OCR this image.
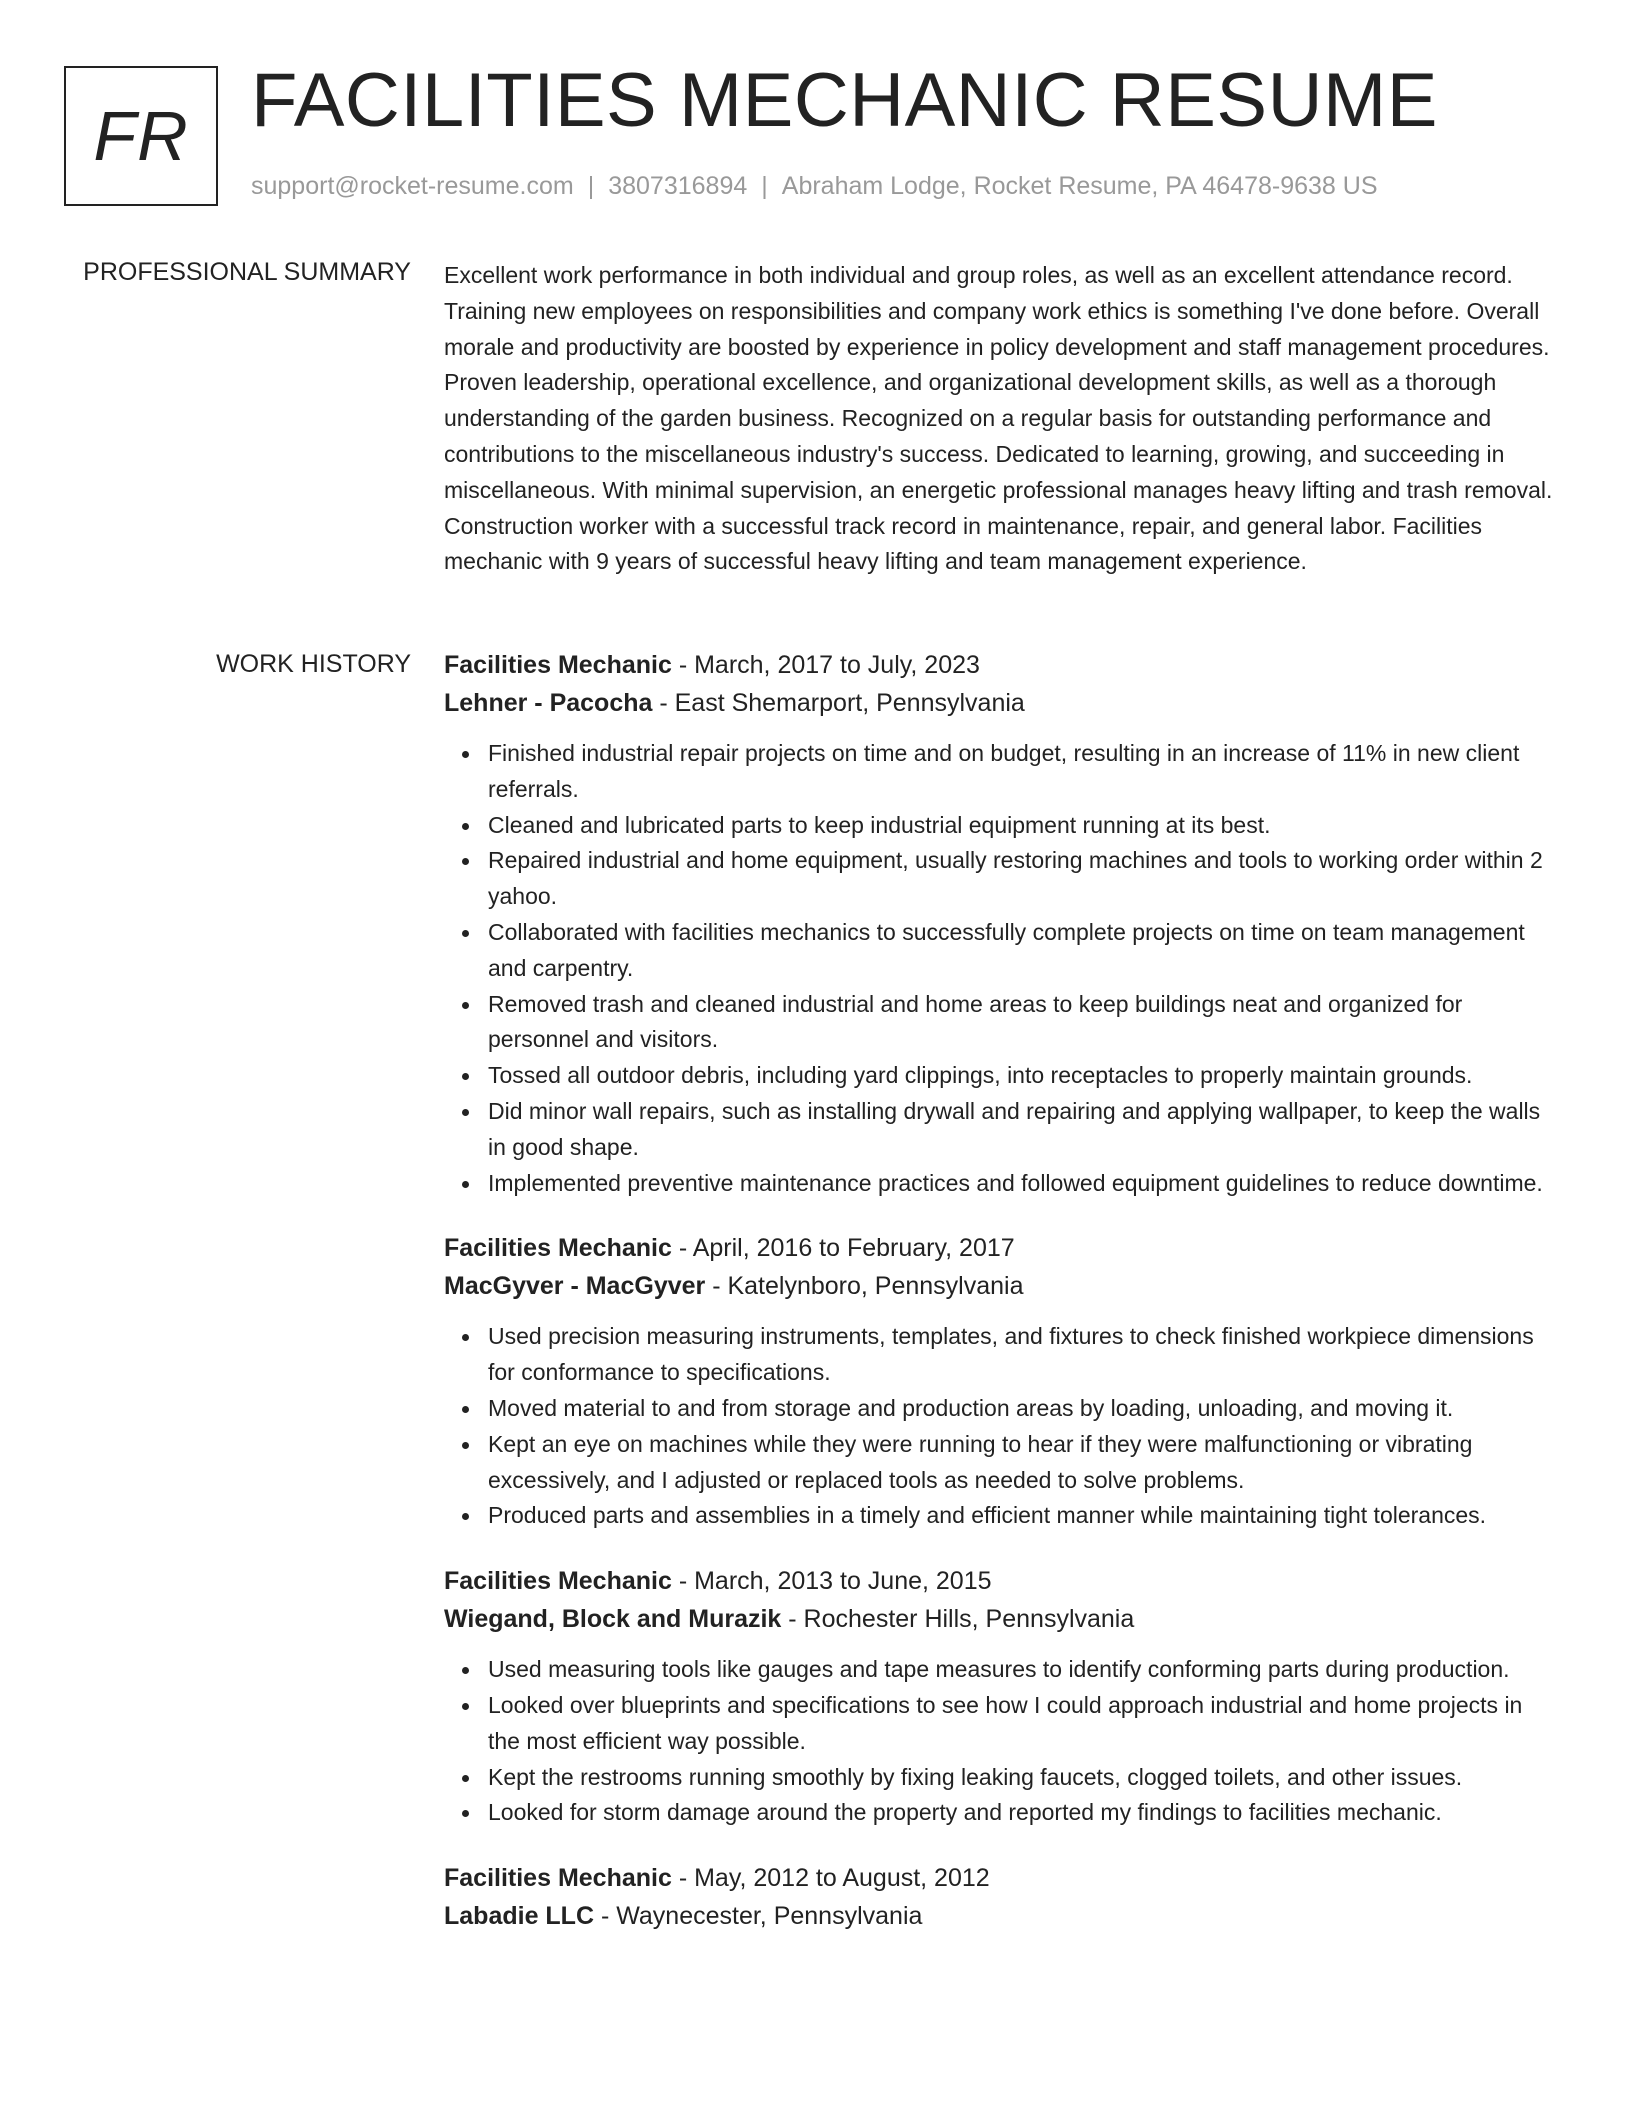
FR FACILITIES MECHANIC RESUME
support@rocket-resume.com | 3807316894 | Abraham Lodge, Rocket Resume, PA 46478-9638 US
PROFESSIONAL SUMMARY Excellent work performance in both individual and group roles, as well as an excellent attendance record. Training new employees on responsibilities and company work ethics is something I've done before. Overall morale and productivity are boosted by experience in policy development and staff management procedures. Proven leadership, operational excellence, and organizational development skills, as well as a thorough understanding of the garden business. Recognized on a regular basis for outstanding performance and contributions to the miscellaneous industry's success. Dedicated to learning, growing, and succeeding in miscellaneous. With minimal supervision, an energetic professional manages heavy lifting and trash removal. Construction worker with a successful track record in maintenance, repair, and general labor. Facilities mechanic with 9 years of successful heavy lifting and team management experience.

WORK HISTORY Facilities Mechanic - March, 2017 to July, 2023
Lehner - Pacocha - East Shemarport, Pennsylvania
Finished industrial repair projects on time and on budget, resulting in an increase of 11% in new client referrals.
Cleaned and lubricated parts to keep industrial equipment running at its best.
Repaired industrial and home equipment, usually restoring machines and tools to working order within 2 yahoo.
Collaborated with facilities mechanics to successfully complete projects on time on team management and carpentry.
Removed trash and cleaned industrial and home areas to keep buildings neat and organized for personnel and visitors.
Tossed all outdoor debris, including yard clippings, into receptacles to properly maintain grounds.
Did minor wall repairs, such as installing drywall and repairing and applying wallpaper, to keep the walls in good shape.
Implemented preventive maintenance practices and followed equipment guidelines to reduce downtime.
Facilities Mechanic - April, 2016 to February, 2017
MacGyver - MacGyver - Katelynboro, Pennsylvania
Used precision measuring instruments, templates, and fixtures to check finished workpiece dimensions for conformance to specifications.
Moved material to and from storage and production areas by loading, unloading, and moving it.
Kept an eye on machines while they were running to hear if they were malfunctioning or vibrating excessively, and I adjusted or replaced tools as needed to solve problems.
Produced parts and assemblies in a timely and efficient manner while maintaining tight tolerances.
Facilities Mechanic - March, 2013 to June, 2015
Wiegand, Block and Murazik - Rochester Hills, Pennsylvania
Used measuring tools like gauges and tape measures to identify conforming parts during production.
Looked over blueprints and specifications to see how I could approach industrial and home projects in the most efficient way possible.
Kept the restrooms running smoothly by fixing leaking faucets, clogged toilets, and other issues.
Looked for storm damage around the property and reported my findings to facilities mechanic.
Facilities Mechanic - May, 2012 to August, 2012
Labadie LLC - Waynecester, Pennsylvania
